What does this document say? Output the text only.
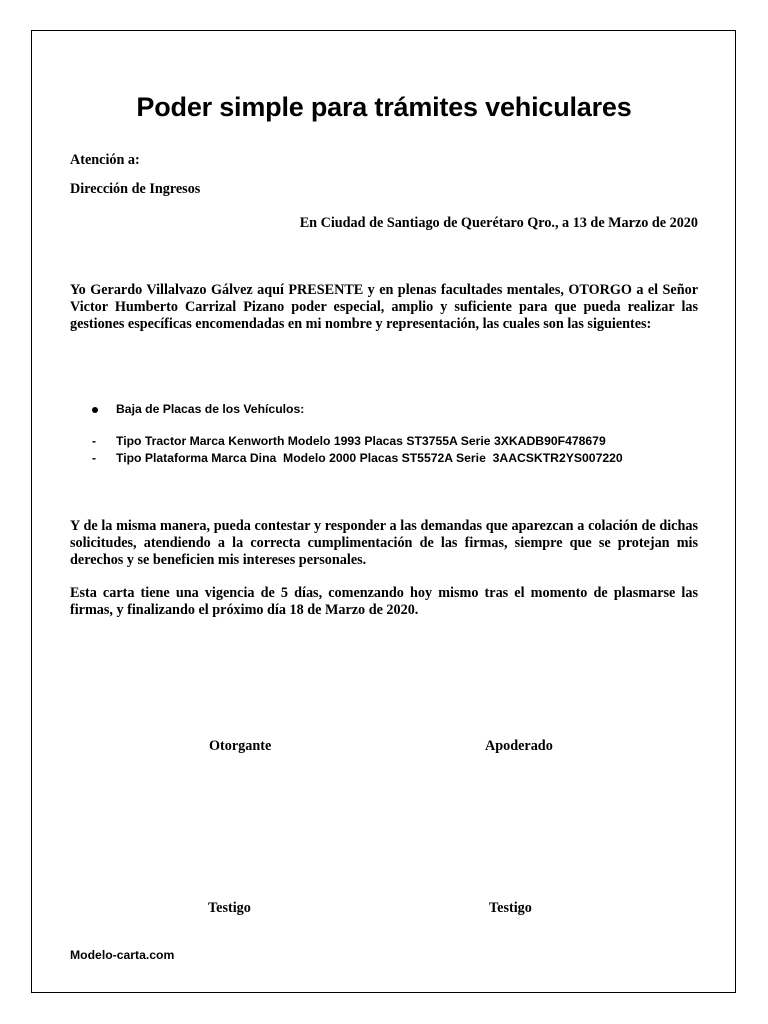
Poder simple para trámites vehiculares

Atención a:

Dirección de Ingresos

En Ciudad de Santiago de Querétaro Qro., a 13 de Marzo de 2020

Yo Gerardo Villalvazo Gálvez aquí PRESENTE y en plenas facultades mentales, OTORGO a el Señor Victor Humberto Carrizal Pizano poder especial, amplio y suficiente para que pueda realizar las gestiones específicas encomendadas en mi nombre y representación, las cuales son las siguientes:

Baja de Placas de los Vehículos:

- Tipo Tractor Marca Kenworth Modelo 1993 Placas ST3755A Serie 3XKADB90F478679

- Tipo Plataforma Marca Dina  Modelo 2000 Placas ST5572A Serie  3AACSKTR2YS007220

Y de la misma manera, pueda contestar y responder a las demandas que aparezcan a colación de dichas solicitudes, atendiendo a la correcta cumplimentación de las firmas, siempre que se protejan mis derechos y se beneficien mis intereses personales.

Esta carta tiene una vigencia de 5 días, comenzando hoy mismo tras el momento de plasmarse las firmas, y finalizando el próximo día 18 de Marzo de 2020.

Otorgante	Apoderado

Testigo	Testigo

Modelo-carta.com
